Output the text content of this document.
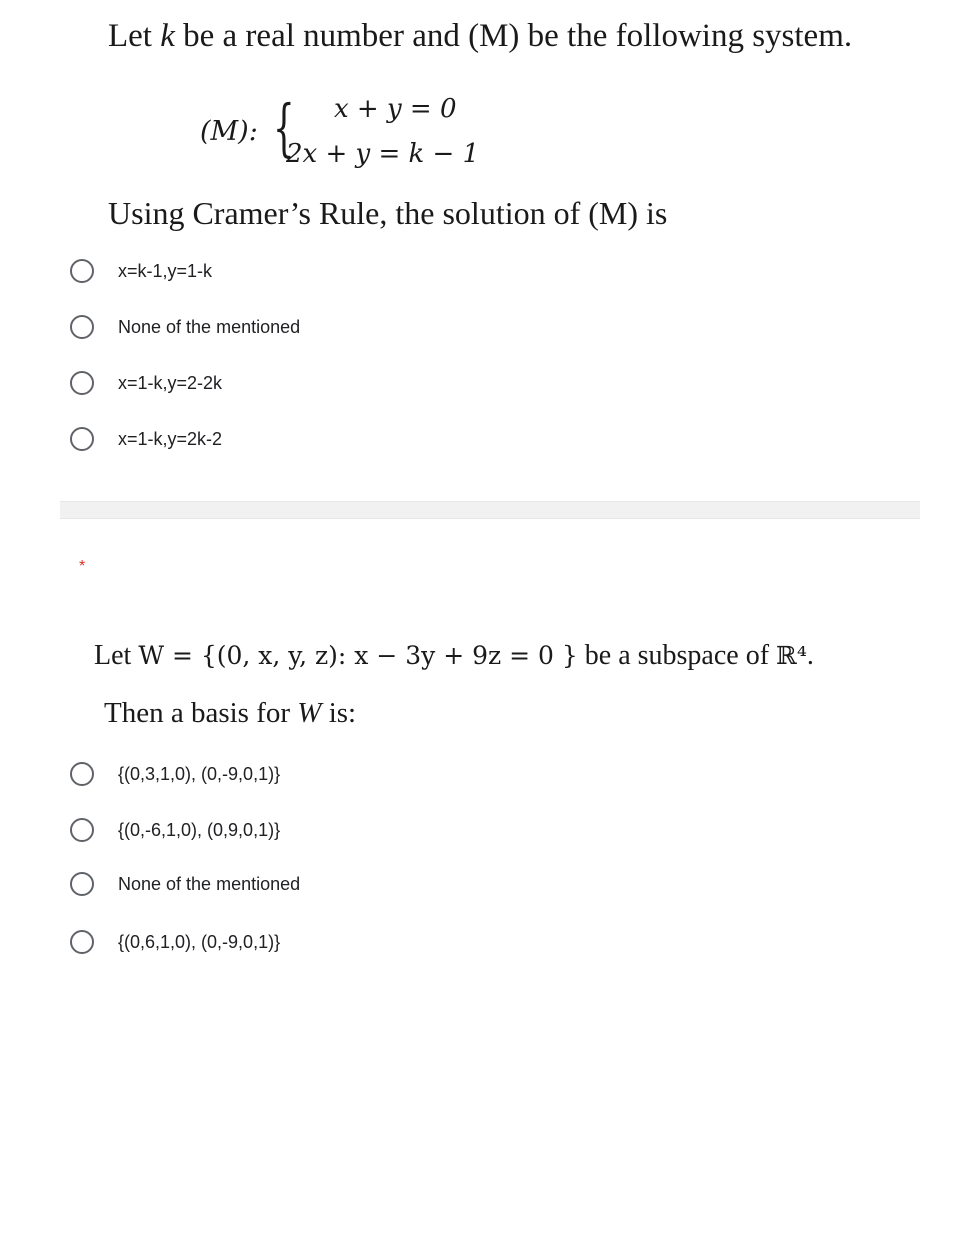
Let k be a real number and (M) be the following system.
(M): { x + y = 0
2x + y = k − 1
Using Cramer’s Rule, the solution of (M) is
x=k-1,y=1-k
None of the mentioned
x=1-k,y=2-2k
x=1-k,y=2k-2
*
Let W = {(0, x, y, z): x − 3y + 9z = 0 } be a subspace of ℝ⁴.
Then a basis for W is:
{(0,3,1,0), (0,-9,0,1)}
{(0,-6,1,0), (0,9,0,1)}
None of the mentioned
{(0,6,1,0), (0,-9,0,1)}
